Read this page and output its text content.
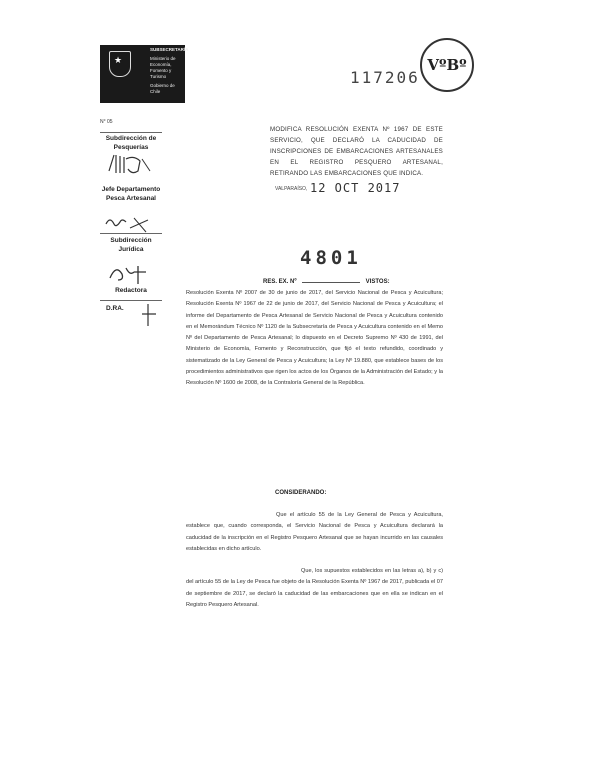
★
SUBSECRETARÍA
Ministerio de Economía, Fomento y Turismo
Gobierno de Chile
N° 05
117206
VºBº
Subdirección de Pesquerías
Jefe Departamento Pesca Artesanal
Subdirección Jurídica
Redactora
D.RA.
MODIFICA RESOLUCIÓN EXENTA Nº 1967 DE ESTE SERVICIO, QUE DECLARÓ LA CADUCIDAD DE INSCRIPCIONES DE EMBARCACIONES ARTESANALES EN EL REGISTRO PESQUERO ARTESANAL, RETIRANDO LAS EMBARCACIONES QUE INDICA.
VALPARAÍSO, 12 OCT 2017
4801
RES. EX. Nº	VISTOS:
Resolución Exenta Nº 2007 de 30 de junio de 2017, del Servicio Nacional de Pesca y Acuicultura; Resolución Exenta Nº 1967 de 22 de junio de 2017, del Servicio Nacional de Pesca y Acuicultura; el informe del Departamento de Pesca Artesanal de Servicio Nacional de Pesca y Acuicultura contenido en el Memorándum Técnico Nº 1120 de la Subsecretaría de Pesca y Acuicultura contenido en el Memo Nº del Departamento de Pesca Artesanal; lo dispuesto en el Decreto Supremo Nº 430 de 1991, del Ministerio de Economía, Fomento y Reconstrucción, que fijó el texto refundido, coordinado y sistematizado de la Ley General de Pesca y Acuicultura; la Ley Nº 19.880, que establece bases de los procedimientos administrativos que rigen los actos de los Órganos de la Administración del Estado; y la Resolución Nº 1600 de 2008, de la Contraloría General de la República.
CONSIDERANDO:
Que el artículo 55 de la Ley General de Pesca y Acuicultura, establece que, cuando corresponda, el Servicio Nacional de Pesca y Acuicultura declarará la caducidad de la inscripción en el Registro Pesquero Artesanal que se hayan incurrido en las causales establecidas en dicho artículo.
Que, los supuestos establecidos en las letras a), b) y c) del artículo 55 de la Ley de Pesca fue objeto de la Resolución Exenta Nº 1967 de 2017, publicada el 07 de septiembre de 2017, se declaró la caducidad de las embarcaciones que en ella se indican en el Registro Pesquero Artesanal.
